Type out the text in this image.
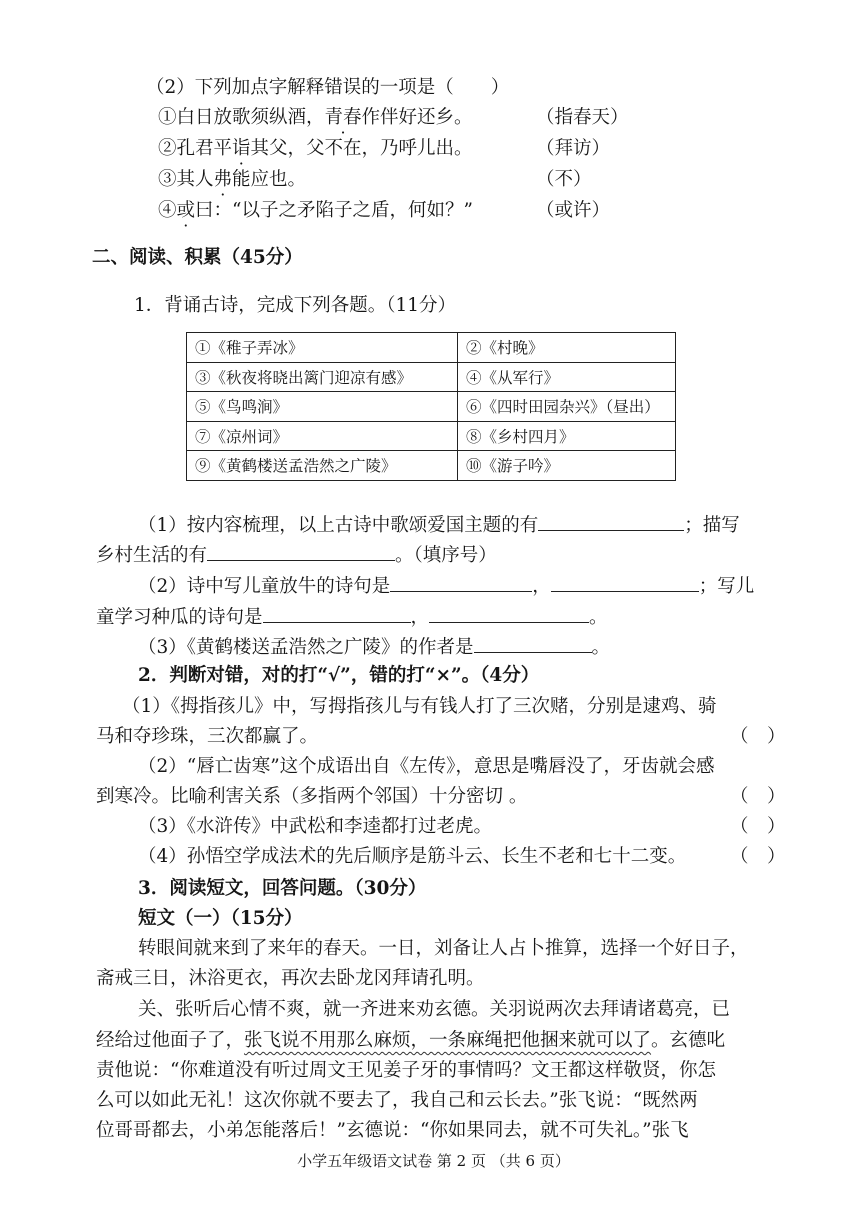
（2）下列加点字解释错误的一项是（　　）
①白日放歌须纵酒，青春作伴好还乡。	（指春天）
②孔君平诣其父，父不在，乃呼儿出。	（拜访）
③其人弗能应也。	（不）
④或曰：“以子之矛陷子之盾，何如？”	（或许）
二、阅读、积累（45分）
1．背诵古诗，完成下列各题。（11分）
①《稚子弄冰》	②《村晚》
③《秋夜将晓出篱门迎凉有感》	④《从军行》
⑤《鸟鸣涧》	⑥《四时田园杂兴》（昼出）
⑦《凉州词》	⑧《乡村四月》
⑨《黄鹤楼送孟浩然之广陵》	⑩《游子吟》
（1）按内容梳理，以上古诗中歌颂爱国主题的有	；描写
乡村生活的有	。（填序号）
（2）诗中写儿童放牛的诗句是	，	；写儿
童学习种瓜的诗句是	，	。
（3）《黄鹤楼送孟浩然之广陵》的作者是	。
2．判断对错，对的打“√”，错的打“×”。（4分）
（1）《拇指孩儿》中，写拇指孩儿与有钱人打了三次赌，分别是逮鸡、骑
马和夺珍珠，三次都赢了。	（　）
（2）“唇亡齿寒”这个成语出自《左传》，意思是嘴唇没了，牙齿就会感
到寒冷。比喻利害关系（多指两个邻国）十分密切 。	（　）
（3）《水浒传》中武松和李逵都打过老虎。	（　）
（4）孙悟空学成法术的先后顺序是筋斗云、长生不老和七十二变。 （　）
3．阅读短文，回答问题。（30分）
短文（一）（15分）
转眼间就来到了来年的春天。一日，刘备让人占卜推算，选择一个好日子，
斋戒三日，沐浴更衣，再次去卧龙冈拜请孔明。
关、张听后心情不爽，就一齐进来劝玄德。关羽说两次去拜请诸葛亮，已
经给过他面子了，张飞说不用那么麻烦，一条麻绳把他捆来就可以了。玄德叱
责他说：“你难道没有听过周文王见姜子牙的事情吗？文王都这样敬贤，你怎
么可以如此无礼！这次你就不要去了，我自己和云长去。”张飞说：“既然两
位哥哥都去，小弟怎能落后！”玄德说：“你如果同去，就不可失礼。”张飞
小学五年级语文试卷 第 2 页 （共 6 页）
